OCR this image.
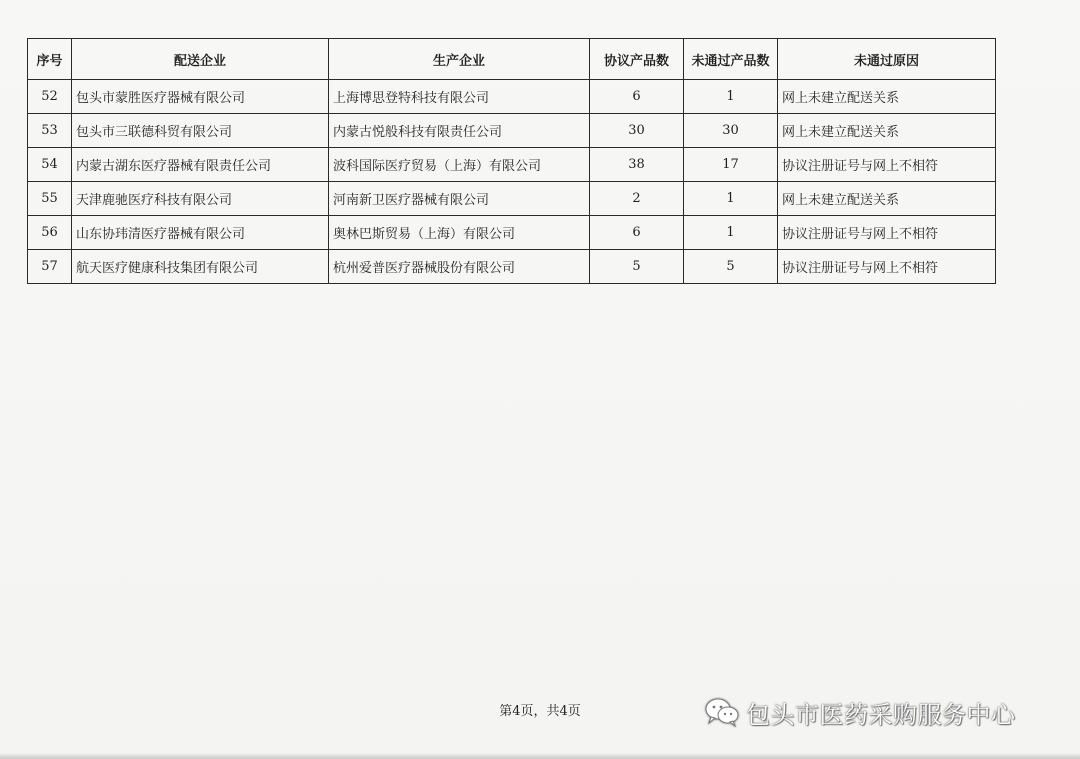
序号	配送企业	生产企业	协议产品数	未通过产品数	未通过原因
52	包头市蒙胜医疗器械有限公司	上海博思登特科技有限公司	6	1	网上未建立配送关系
53	包头市三联德科贸有限公司	内蒙古悦般科技有限责任公司	30	30	网上未建立配送关系
54	内蒙古湖东医疗器械有限责任公司	波科国际医疗贸易（上海）有限公司	38	17	协议注册证号与网上不相符
55	天津鹿驰医疗科技有限公司	河南新卫医疗器械有限公司	2	1	网上未建立配送关系
56	山东协玮清医疗器械有限公司	奥林巴斯贸易（上海）有限公司	6	1	协议注册证号与网上不相符
57	航天医疗健康科技集团有限公司	杭州爱普医疗器械股份有限公司	5	5	协议注册证号与网上不相符
第4页，共4页	包头市医药采购服务中心
